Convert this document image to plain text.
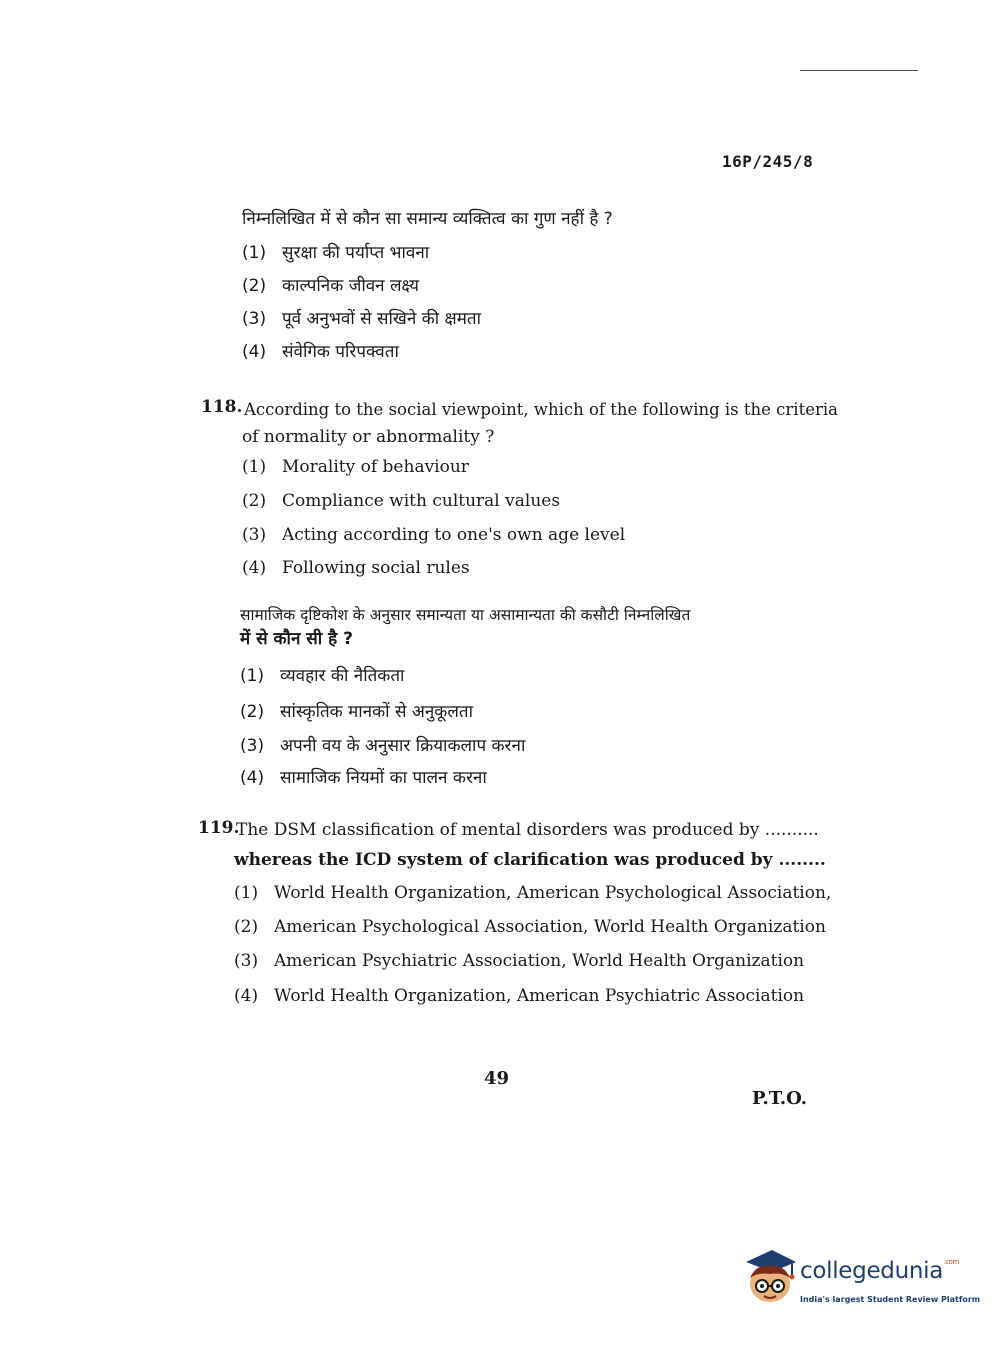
16P/245/8
निम्नलिखित में से कौन सा समान्य व्यक्तित्व का गुण नहीं है ?
(1) सुरक्षा की पर्याप्त भावना
(2) काल्पनिक जीवन लक्ष्य
(3) पूर्व अनुभवों से सखिने की क्षमता
(4) संवेगिक परिपक्वता
118. According to the social viewpoint, which of the following is the criteria
of normality or abnormality ?
(1) Morality of behaviour
(2) Compliance with cultural values
(3) Acting according to one's own age level
(4) Following social rules
सामाजिक दृष्टिकोश के अनुसार समान्यता या असामान्यता की कसौटी निम्नलिखित
में से कौन सी है ?
(1) व्यवहार की नैतिकता
(2) सांस्कृतिक मानकों से अनुकूलता
(3) अपनी वय के अनुसार क्रियाकलाप करना
(4) सामाजिक नियमों का पालन करना
119.
The DSM classification of mental disorders was produced by ..........
whereas the ICD system of clarification was produced by ........
(1) World Health Organization, American Psychological Association,
(2) American Psychological Association, World Health Organization
(3) American Psychiatric Association, World Health Organization
(4) World Health Organization, American Psychiatric Association
49
P.T.O.
collegedunia$^{.com}$
India's largest Student Review Platform
